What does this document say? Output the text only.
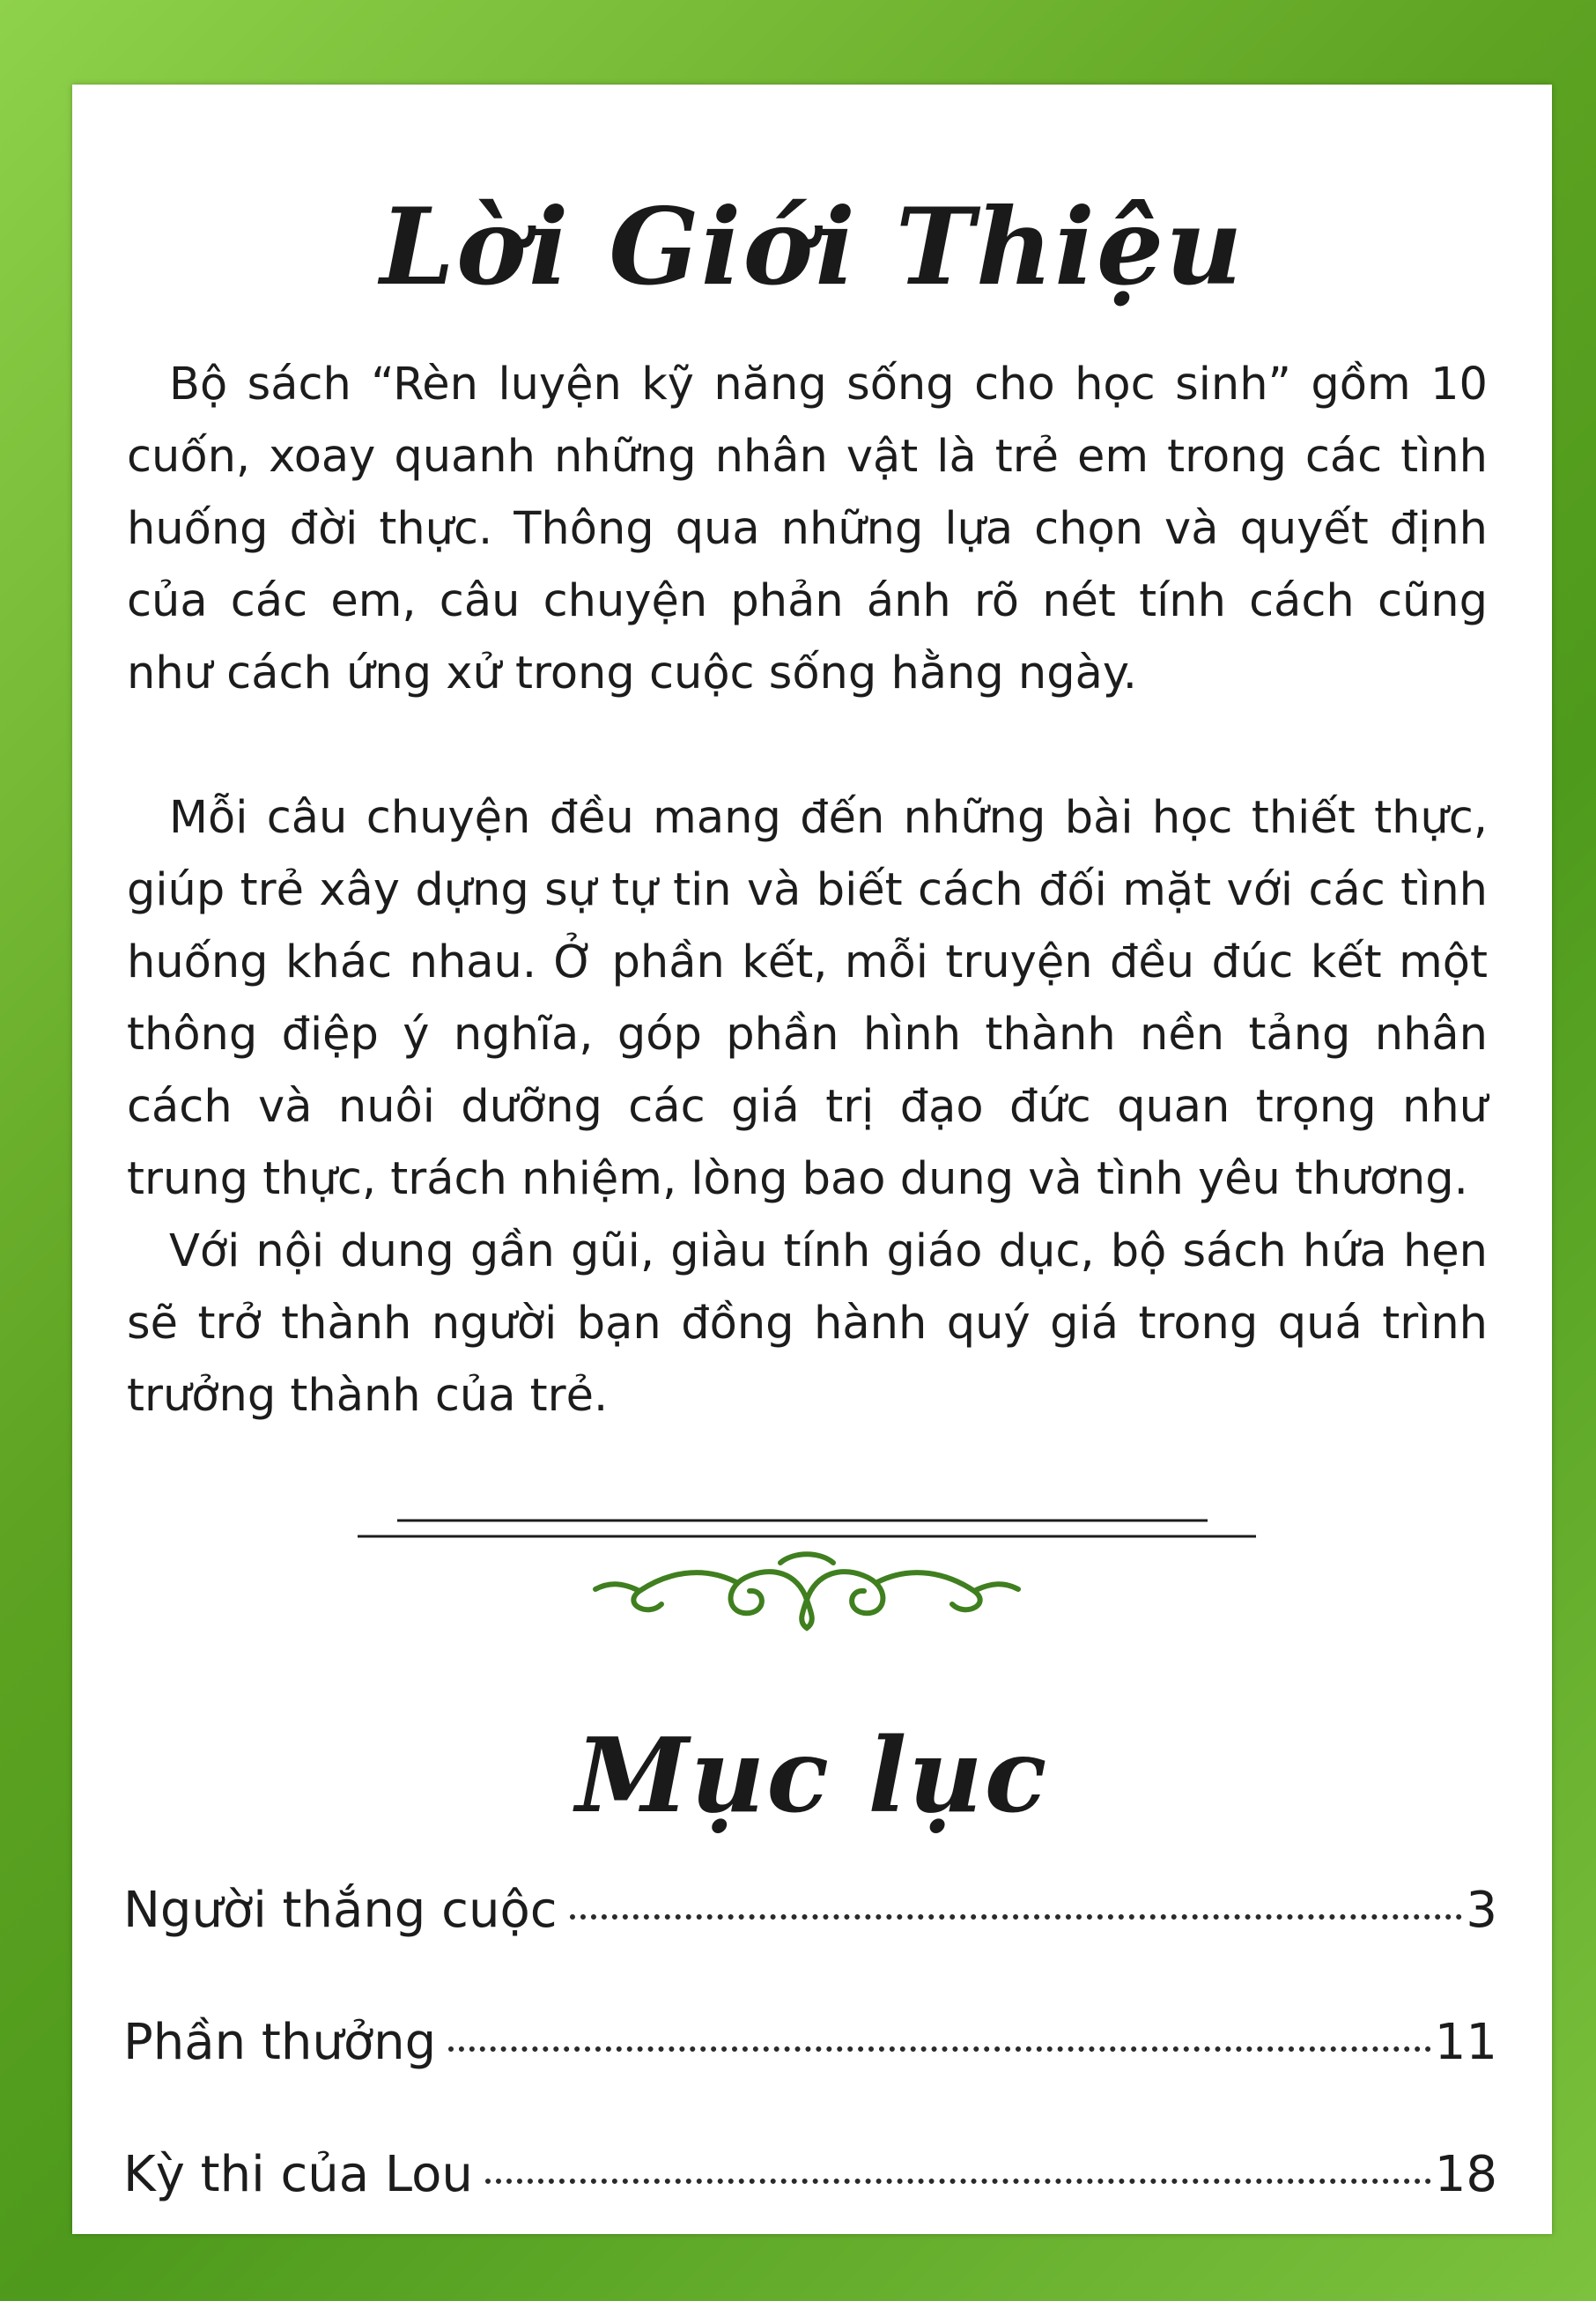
Lời Giới Thiệu

Bộ sách “Rèn luyện kỹ năng sống cho học sinh” gồm 10 cuốn, xoay quanh những nhân vật là trẻ em trong các tình huống đời thực. Thông qua những lựa chọn và quyết định của các em, câu chuyện phản ánh rõ nét tính cách cũng như cách ứng xử trong cuộc sống hằng ngày.

Mỗi câu chuyện đều mang đến những bài học thiết thực, giúp trẻ xây dựng sự tự tin và biết cách đối mặt với các tình huống khác nhau. Ở phần kết, mỗi truyện đều đúc kết một thông điệp ý nghĩa, góp phần hình thành nền tảng nhân cách và nuôi dưỡng các giá trị đạo đức quan trọng như trung thực, trách nhiệm, lòng bao dung và tình yêu thương.

Với nội dung gần gũi, giàu tính giáo dục, bộ sách hứa hẹn sẽ trở thành người bạn đồng hành quý giá trong quá trình trưởng thành của trẻ.

Mục lục
Người thắng cuộc	3
Phần thưởng	11
Kỳ thi của Lou	18
